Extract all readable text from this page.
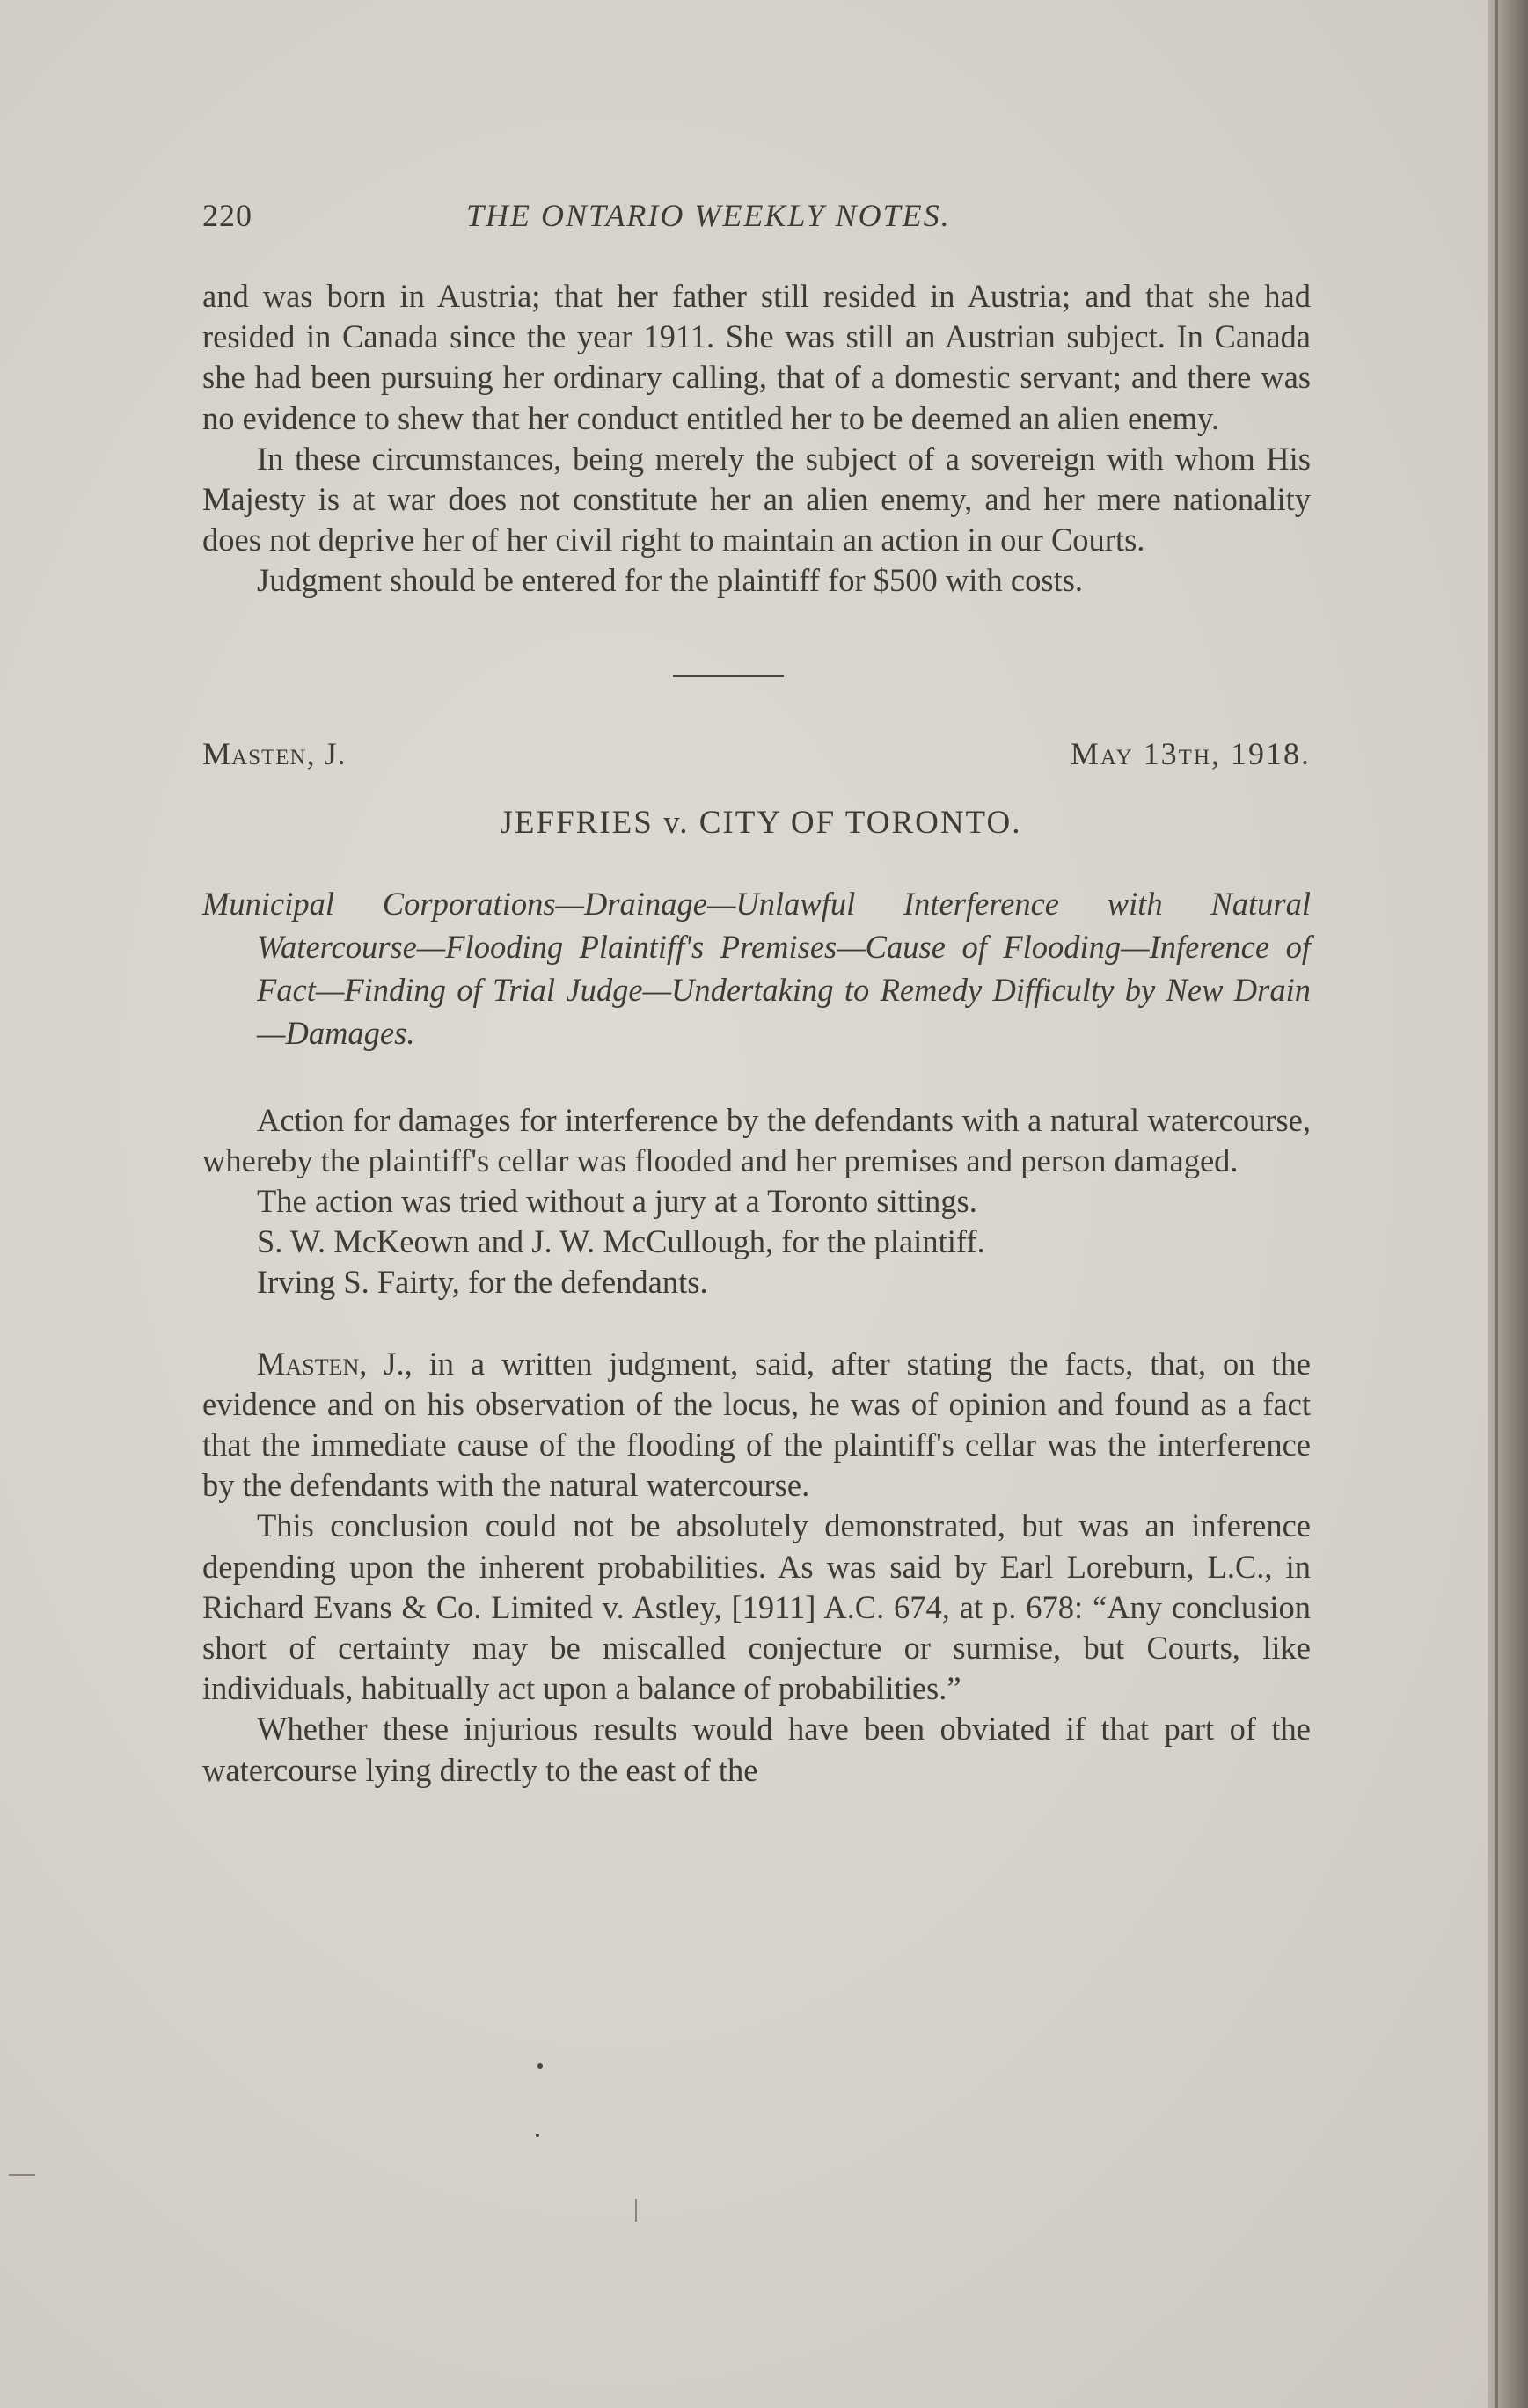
220	THE ONTARIO WEEKLY NOTES.

and was born in Austria; that her father still resided in Austria; and that she had resided in Canada since the year 1911. She was still an Austrian subject. In Canada she had been pursuing her ordinary calling, that of a domestic servant; and there was no evidence to shew that her conduct entitled her to be deemed an alien enemy.

In these circumstances, being merely the subject of a sovereign with whom His Majesty is at war does not constitute her an alien enemy, and her mere nationality does not deprive her of her civil right to maintain an action in our Courts.

Judgment should be entered for the plaintiff for $500 with costs.

Masten, J.	May 13th, 1918.
JEFFRIES v. CITY OF TORONTO.

Municipal Corporations—Drainage—Unlawful Interference with Natural Watercourse—Flooding Plaintiff's Premises—Cause of Flooding—Inference of Fact—Finding of Trial Judge—Undertaking to Remedy Difficulty by New Drain—Damages.

Action for damages for interference by the defendants with a natural watercourse, whereby the plaintiff's cellar was flooded and her premises and person damaged.

The action was tried without a jury at a Toronto sittings.

S. W. McKeown and J. W. McCullough, for the plaintiff.

Irving S. Fairty, for the defendants.

Masten, J., in a written judgment, said, after stating the facts, that, on the evidence and on his observation of the locus, he was of opinion and found as a fact that the immediate cause of the flooding of the plaintiff's cellar was the interference by the defendants with the natural watercourse.

This conclusion could not be absolutely demonstrated, but was an inference depending upon the inherent probabilities. As was said by Earl Loreburn, L.C., in Richard Evans & Co. Limited v. Astley, [1911] A.C. 674, at p. 678: “Any conclusion short of certainty may be miscalled conjecture or surmise, but Courts, like individuals, habitually act upon a balance of probabilities.”

Whether these injurious results would have been obviated if that part of the watercourse lying directly to the east of the
